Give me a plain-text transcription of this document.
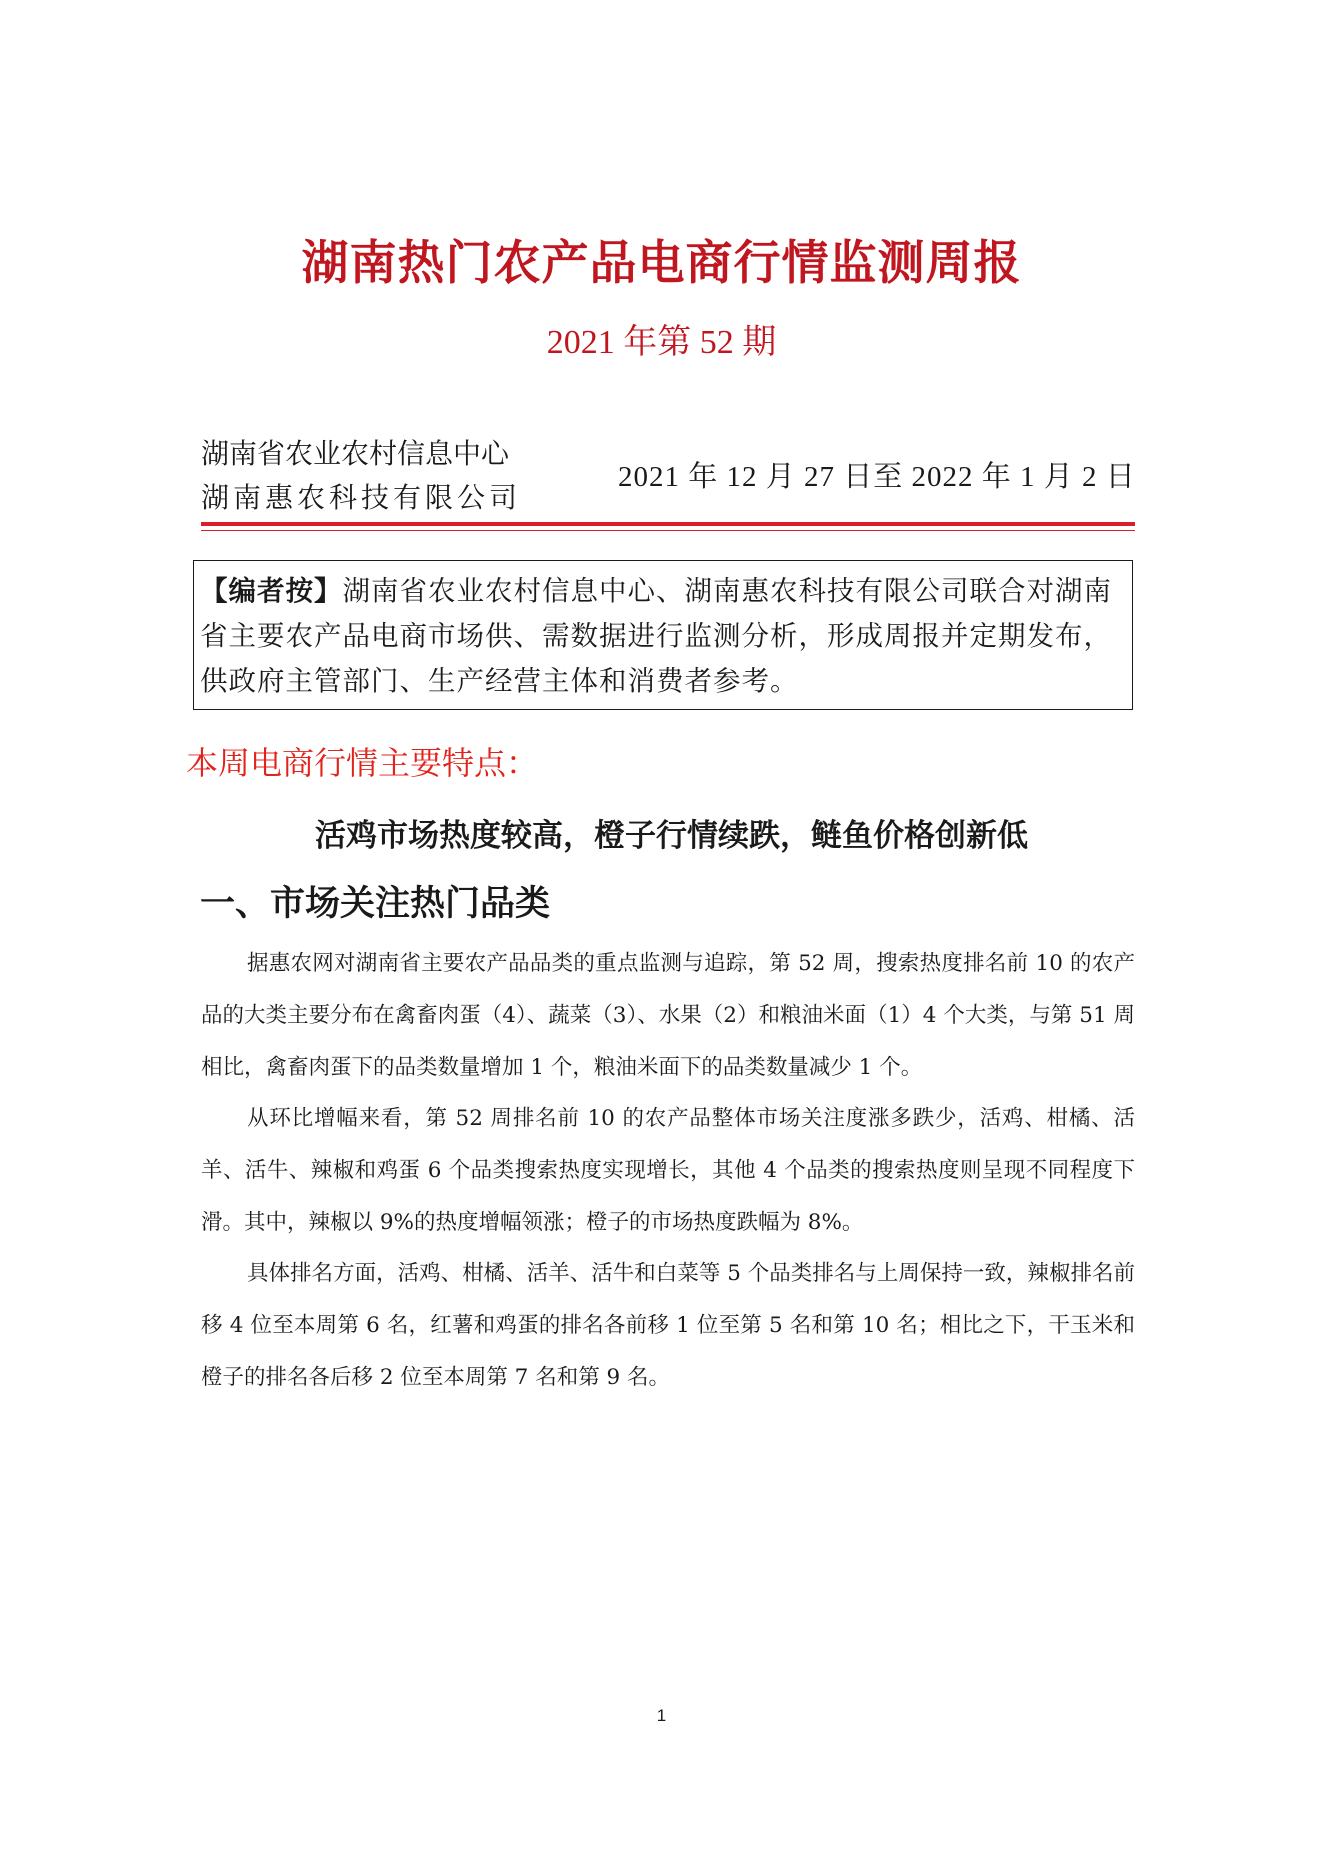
湖南热门农产品电商行情监测周报
2021 年第 52 期
湖南省农业农村信息中心
湖南惠农科技有限公司
2021 年 12 月 27 日至 2022 年 1 月 2 日
【编者按】湖南省农业农村信息中心、湖南惠农科技有限公司联合对湖南省主要农产品电商市场供、需数据进行监测分析，形成周报并定期发布，供政府主管部门、生产经营主体和消费者参考。
本周电商行情主要特点：
活鸡市场热度较高，橙子行情续跌，鲢鱼价格创新低
一、市场关注热门品类
据惠农网对湖南省主要农产品品类的重点监测与追踪，第 52 周，搜索热度排名前 10 的农产品的大类主要分布在禽畜肉蛋（4）、蔬菜（3）、水果（2）和粮油米面（1）4 个大类，与第 51 周相比，禽畜肉蛋下的品类数量增加 1 个，粮油米面下的品类数量减少 1 个。
从环比增幅来看，第 52 周排名前 10 的农产品整体市场关注度涨多跌少，活鸡、柑橘、活羊、活牛、辣椒和鸡蛋 6 个品类搜索热度实现增长，其他 4 个品类的搜索热度则呈现不同程度下滑。其中，辣椒以 9%的热度增幅领涨；橙子的市场热度跌幅为 8%。
具体排名方面，活鸡、柑橘、活羊、活牛和白菜等 5 个品类排名与上周保持一致，辣椒排名前移 4 位至本周第 6 名，红薯和鸡蛋的排名各前移 1 位至第 5 名和第 10 名；相比之下，干玉米和橙子的排名各后移 2 位至本周第 7 名和第 9 名。
1
